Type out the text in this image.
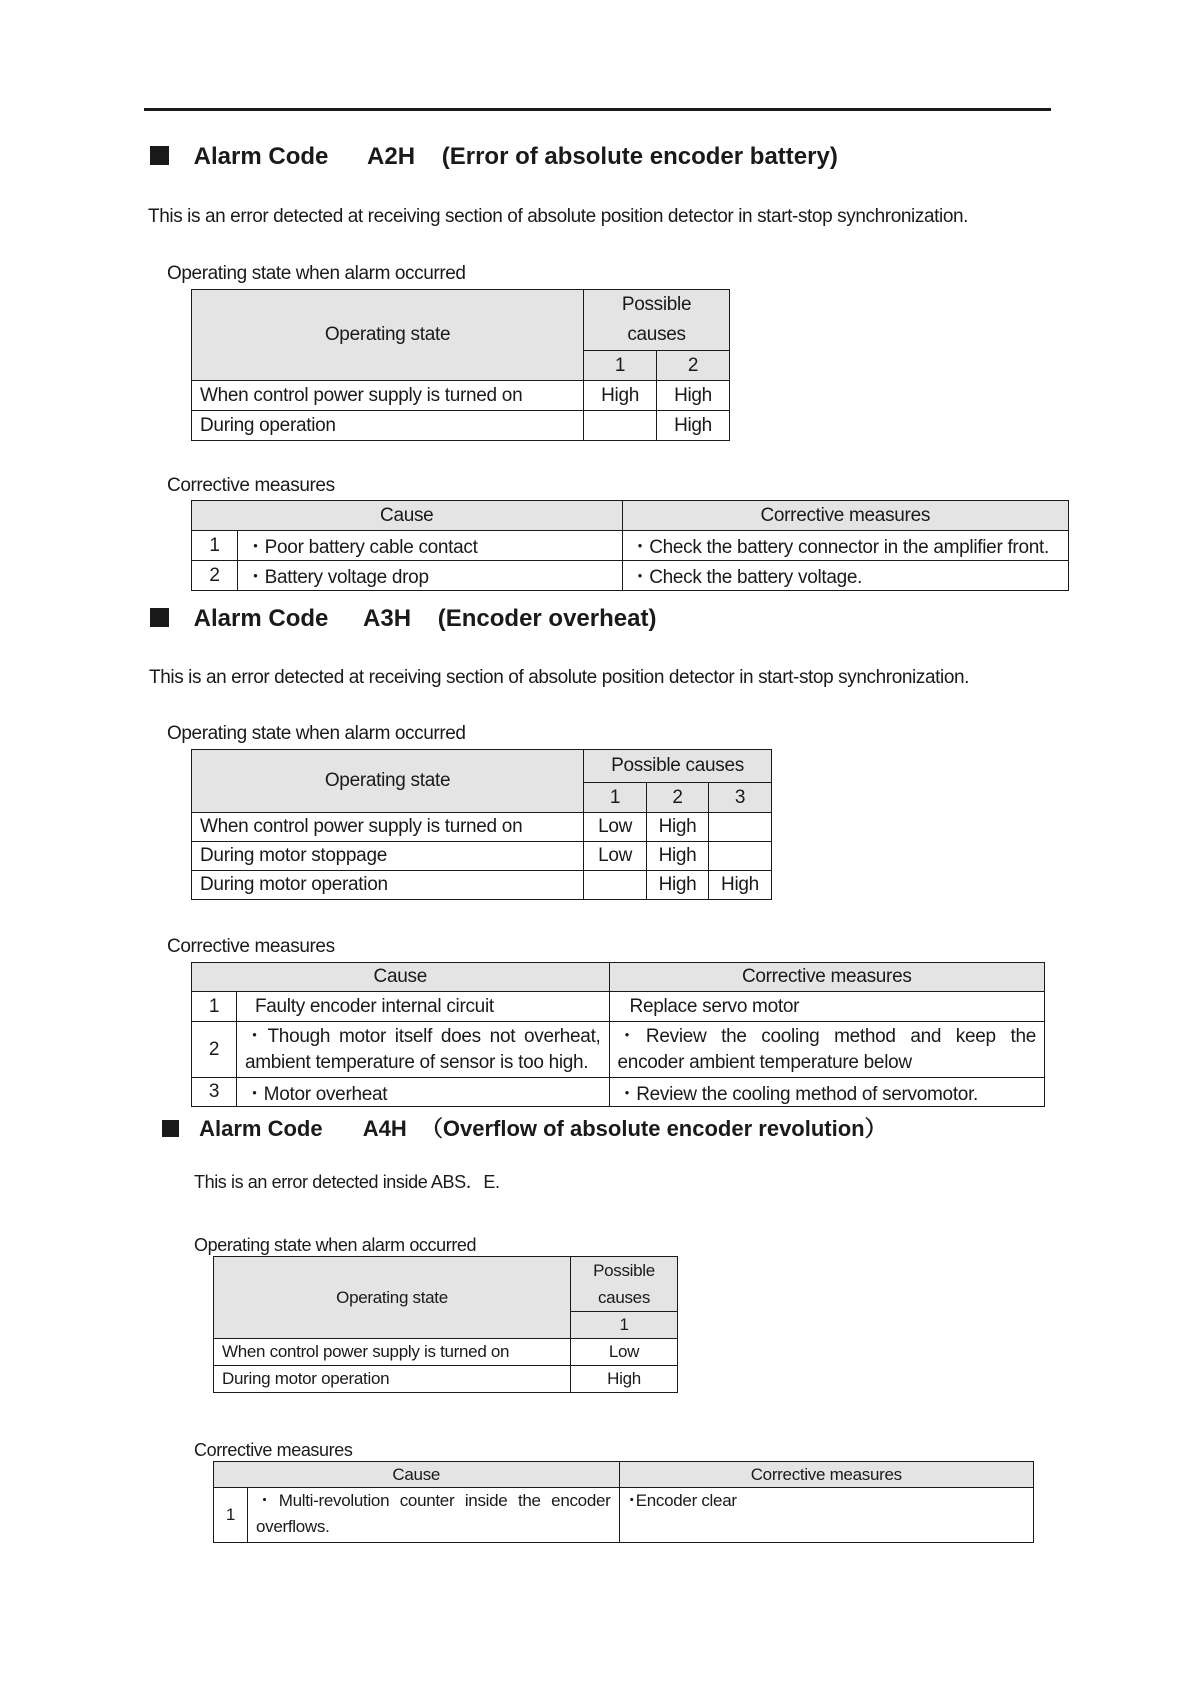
Alarm Code A2H (Error of absolute encoder battery)
This is an error detected at receiving section of absolute position detector in start-stop synchronization.
Operating state when alarm occurred
Operating state	Possible causes	
	1	2
When control power supply is turned on	High	High
During operation		High
Corrective measures
Cause		Corrective measures
1	・Poor battery cable contact	・Check the battery connector in the amplifier front.
2	・Battery voltage drop	・Check the battery voltage.
Alarm Code A3H (Encoder overheat)
This is an error detected at receiving section of absolute position detector in start-stop synchronization.
Operating state when alarm occurred
Operating state	Possible causes		
	1	2	3
When control power supply is turned on	Low	High	
During motor stoppage	Low	High	
During motor operation		High	High
Corrective measures
Cause		Corrective measures
1	Faulty encoder internal circuit	Replace servo motor
2	・Though motor itself does not overheat, ambient temperature of sensor is too high.	・Review the cooling method and keep the encoder ambient temperature below
3	・Motor overheat	・Review the cooling method of servomotor.
Alarm Code A4H （Overflow of absolute encoder revolution）
This is an error detected inside ABS．E.
Operating state when alarm occurred
Operating state	Possible causes
	1
When control power supply is turned on	Low
During motor operation	High
Corrective measures
Cause		Corrective measures
1	・Multi-revolution counter inside the encoder overflows.	･Encoder clear
